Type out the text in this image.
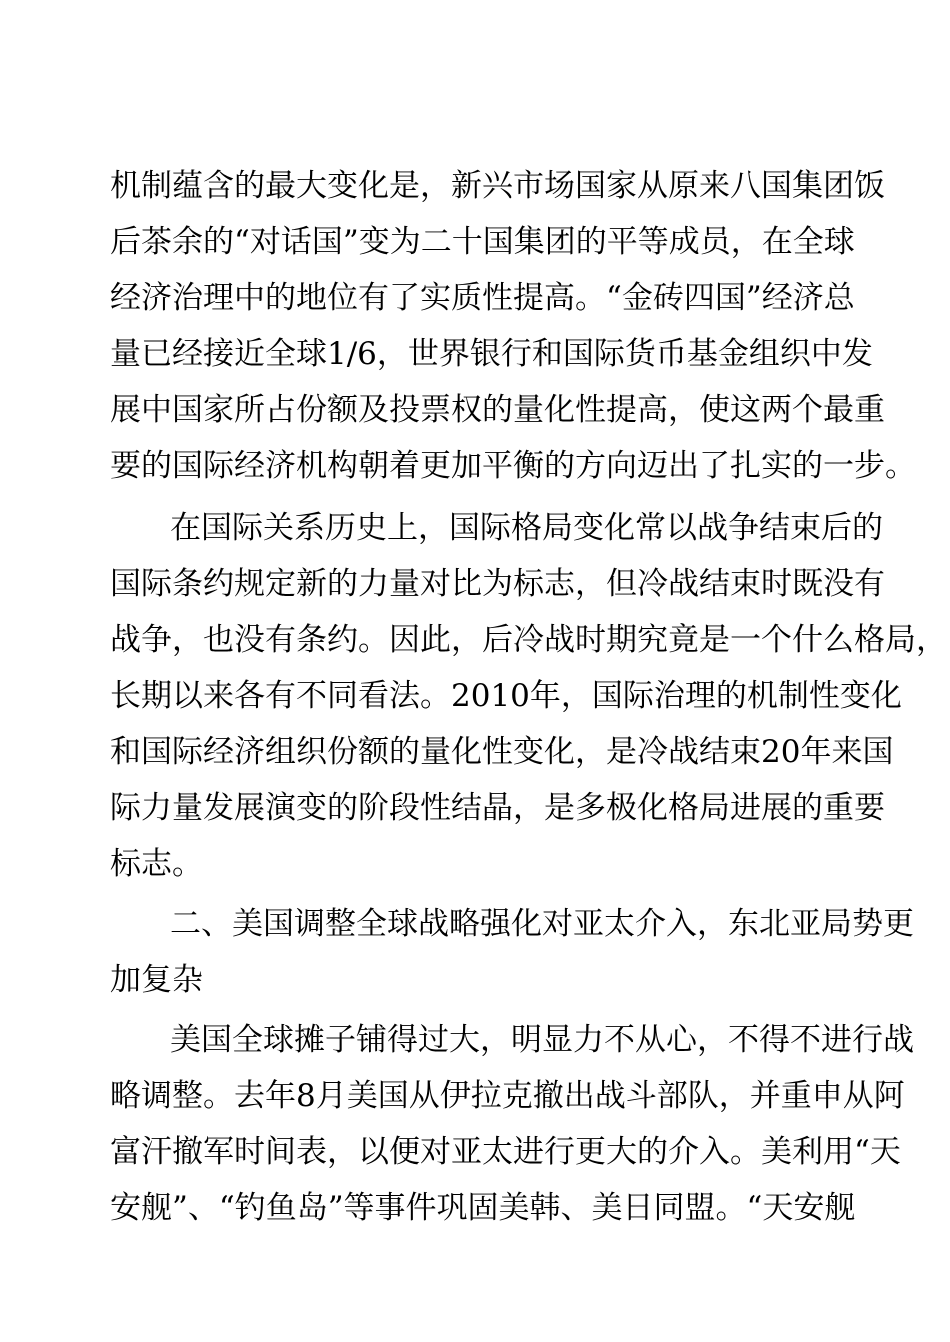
机制蕴含的最大变化是，新兴市场国家从原来八国集团饭
后茶余的“对话国”变为二十国集团的平等成员，在全球
经济治理中的地位有了实质性提高。“金砖四国”经济总
量已经接近全球1/6，世界银行和国际货币基金组织中发
展中国家所占份额及投票权的量化性提高，使这两个最重
要的国际经济机构朝着更加平衡的方向迈出了扎实的一步。
在国际关系历史上，国际格局变化常以战争结束后的
国际条约规定新的力量对比为标志，但冷战结束时既没有
战争，也没有条约。因此，后冷战时期究竟是一个什么格局，
长期以来各有不同看法。2010年，国际治理的机制性变化
和国际经济组织份额的量化性变化，是冷战结束20年来国
际力量发展演变的阶段性结晶，是多极化格局进展的重要
标志。
二、美国调整全球战略强化对亚太介入，东北亚局势更
加复杂
美国全球摊子铺得过大，明显力不从心，不得不进行战
略调整。去年8月美国从伊拉克撤出战斗部队，并重申从阿
富汗撤军时间表，以便对亚太进行更大的介入。美利用“天
安舰”、“钓鱼岛”等事件巩固美韩、美日同盟。“天安舰
